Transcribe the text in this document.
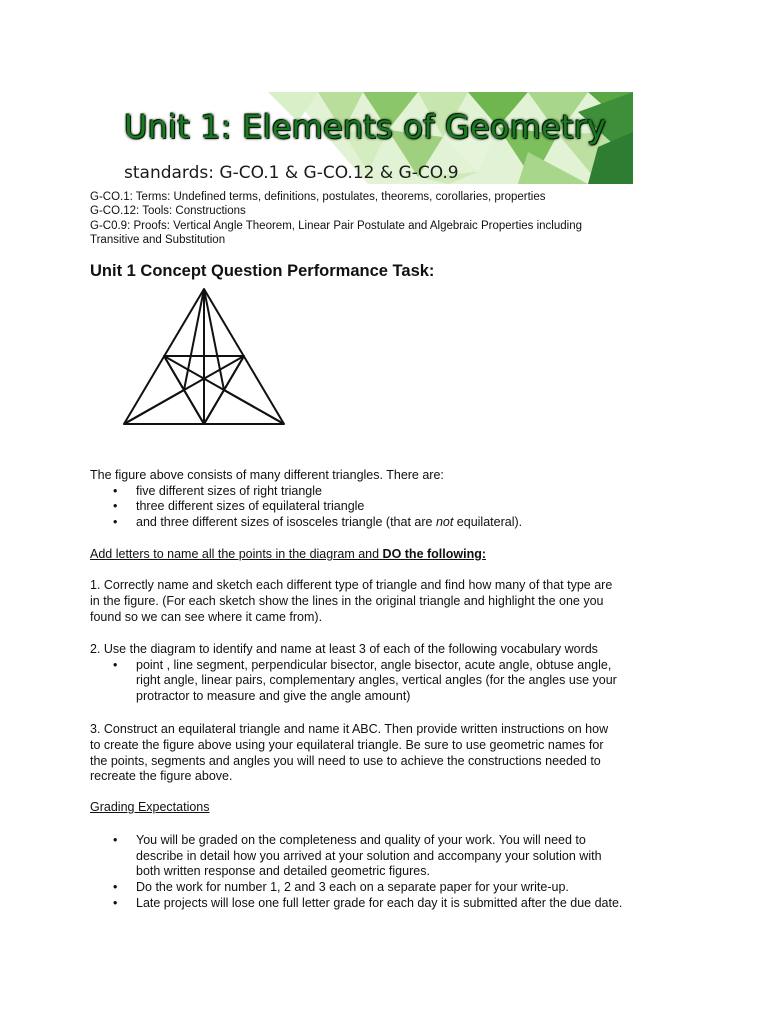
Unit 1: Elements of Geometry
standards: G-CO.1 & G-CO.12 & G-CO.9
G-CO.1: Terms: Undefined terms, definitions, postulates, theorems, corollaries, properties
G-CO.12: Tools: Constructions
G-C0.9: Proofs: Vertical Angle Theorem, Linear Pair Postulate and Algebraic Properties including
Transitive and Substitution
Unit 1 Concept Question Performance Task:
The figure above consists of many different triangles. There are:
• five different sizes of right triangle
• three different sizes of equilateral triangle
• and three different sizes of isosceles triangle (that are not equilateral).
Add letters to name all the points in the diagram and DO the following:
1. Correctly name and sketch each different type of triangle and find how many of that type are
in the figure. (For each sketch show the lines in the original triangle and highlight the one you
found so we can see where it came from).
2. Use the diagram to identify and name at least 3 of each of the following vocabulary words
• point , line segment, perpendicular bisector, angle bisector, acute angle, obtuse angle,
right angle, linear pairs, complementary angles, vertical angles (for the angles use your
protractor to measure and give the angle amount)
3. Construct an equilateral triangle and name it ABC. Then provide written instructions on how
to create the figure above using your equilateral triangle. Be sure to use geometric names for
the points, segments and angles you will need to use to achieve the constructions needed to
recreate the figure above.
Grading Expectations
• You will be graded on the completeness and quality of your work. You will need to
describe in detail how you arrived at your solution and accompany your solution with
both written response and detailed geometric figures.
• Do the work for number 1, 2 and 3 each on a separate paper for your write-up.
• Late projects will lose one full letter grade for each day it is submitted after the due date.
